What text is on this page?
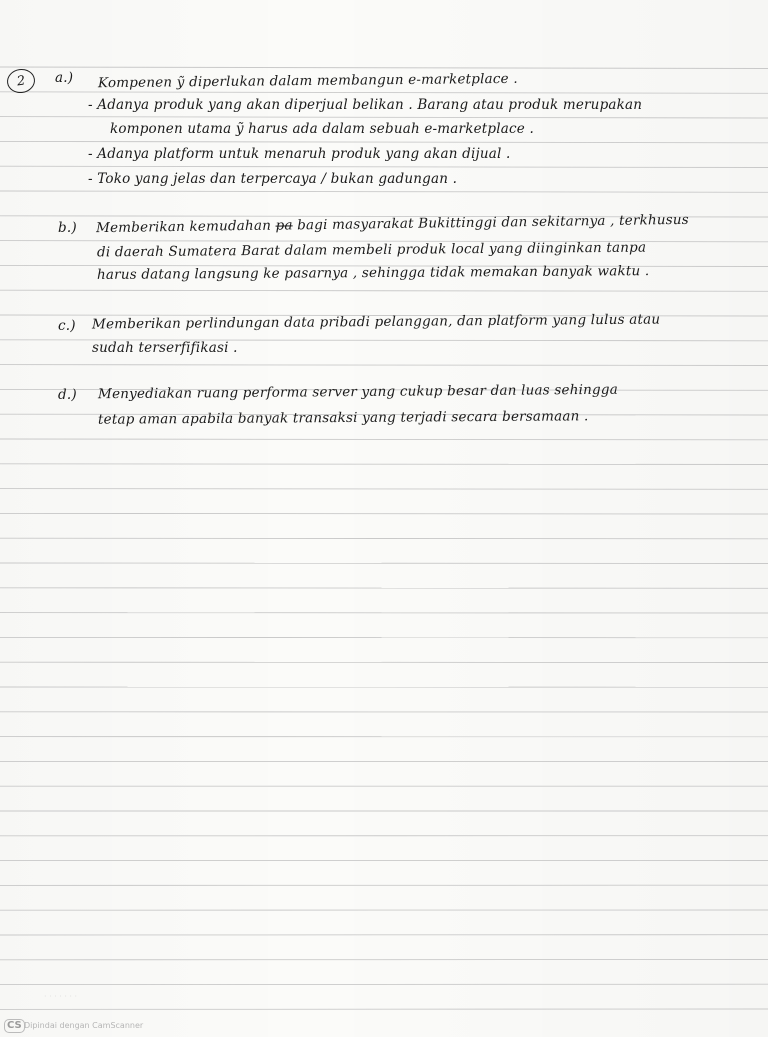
2 a.) Kompenen ỹ diperlukan dalam membangun e-marketplace .
- Adanya produk yang akan diperjual belikan . Barang atau produk merupakan
komponen utama ỹ harus ada dalam sebuah e-marketplace .
- Adanya platform untuk menaruh produk yang akan dijual .
- Toko yang jelas dan terpercaya / bukan gadungan .
b.) Memberikan kemudahan pa bagi masyarakat Bukittinggi dan sekitarnya , terkhusus
di daerah Sumatera Barat dalam membeli produk local yang diinginkan tanpa
harus datang langsung ke pasarnya , sehingga tidak memakan banyak waktu .
c.) Memberikan perlindungan data pribadi pelanggan, dan platform yang lulus atau
sudah terserfifikasi .
d.) Menyediakan ruang performa server yang cukup besar dan luas sehingga
tetap aman apabila banyak transaksi yang terjadi secara bersamaan .
· · · · · · ·
CS Dipindai dengan CamScanner
